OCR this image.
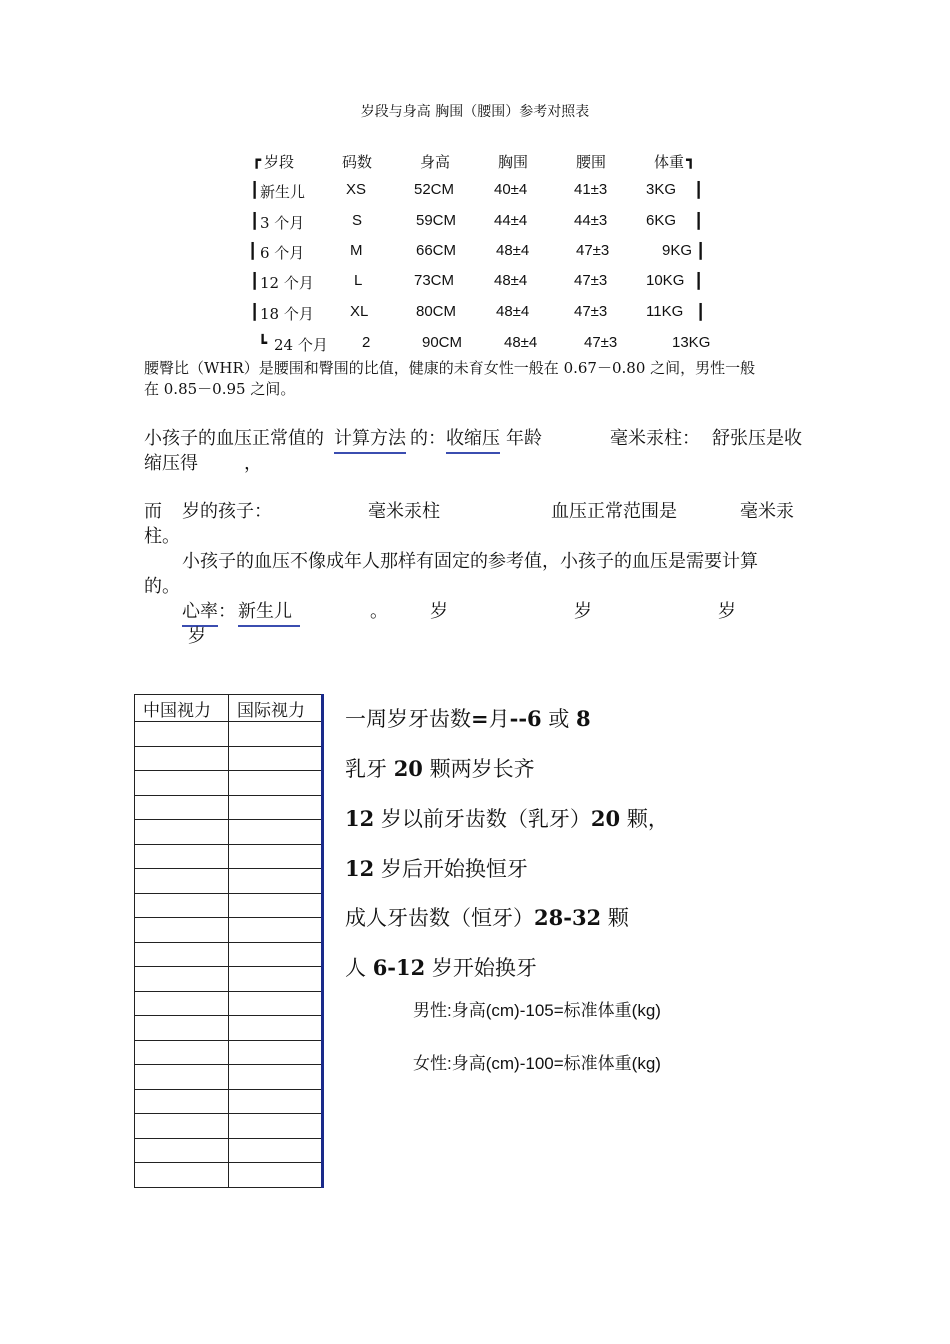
岁段与身高 胸围（腰围）参考对照表
┏ 岁段	码数	身高	胸围	腰围	体重 ┓
┃ 新生儿	XS	52CM	40±4	41±3	3KG ┃
┃ 3 个月	S	59CM	44±4	44±3	6KG ┃
┃ 6 个月	M	66CM	48±4	47±3	9KG ┃
┃ 12 个月	L	73CM	48±4	47±3	10KG ┃
┃ 18 个月 XL	80CM	48±4	47±3	11KG ┃
┗ 24 个月 2	90CM	48±4	47±3	13KG
腰臀比（WHR）是腰围和臀围的比值，健康的未育女性一般在 0.67－0.80 之间，男性一般
在 0.85－0.95 之间。
小孩子的血压正常值的 计算方法 的： 收缩压 年龄	毫米汞柱： 舒张压是收
缩压得	，
而 岁的孩子：	毫米汞柱	血压正常范围是	毫米汞
柱。
小孩子的血压不像成年人那样有固定的参考值，小孩子的血压是需要计算
的。
心率 ： 新生儿	。 岁	岁	岁
岁
中国视力	国际视力

	一周岁牙齿数=月--6 或 8
乳牙 20 颗两岁长齐
12 岁以前牙齿数（乳牙）20 颗，
12 岁后开始换恒牙
成人牙齿数（恒牙）28-32 颗
人 6-12 岁开始换牙
男性:身高(cm)-105=标准体重(kg)
女性:身高(cm)-100=标准体重(kg)
